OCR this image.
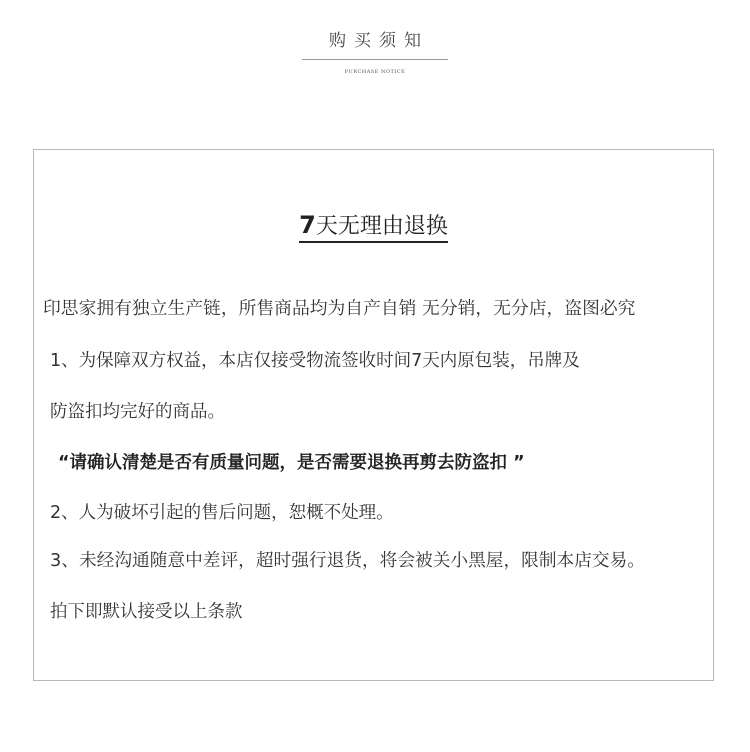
购买须知
PURCHASE NOTICE
7天无理由退换
印思家拥有独立生产链，所售商品均为自产自销 无分销，无分店，盗图必究
1、为保障双方权益，本店仅接受物流签收时间7天内原包装，吊牌及
防盗扣均完好的商品。
“请确认清楚是否有质量问题，是否需要退换再剪去防盗扣 ”
2、人为破坏引起的售后问题，恕概不处理。
3、未经沟通随意中差评，超时强行退货，将会被关小黑屋，限制本店交易。
拍下即默认接受以上条款
